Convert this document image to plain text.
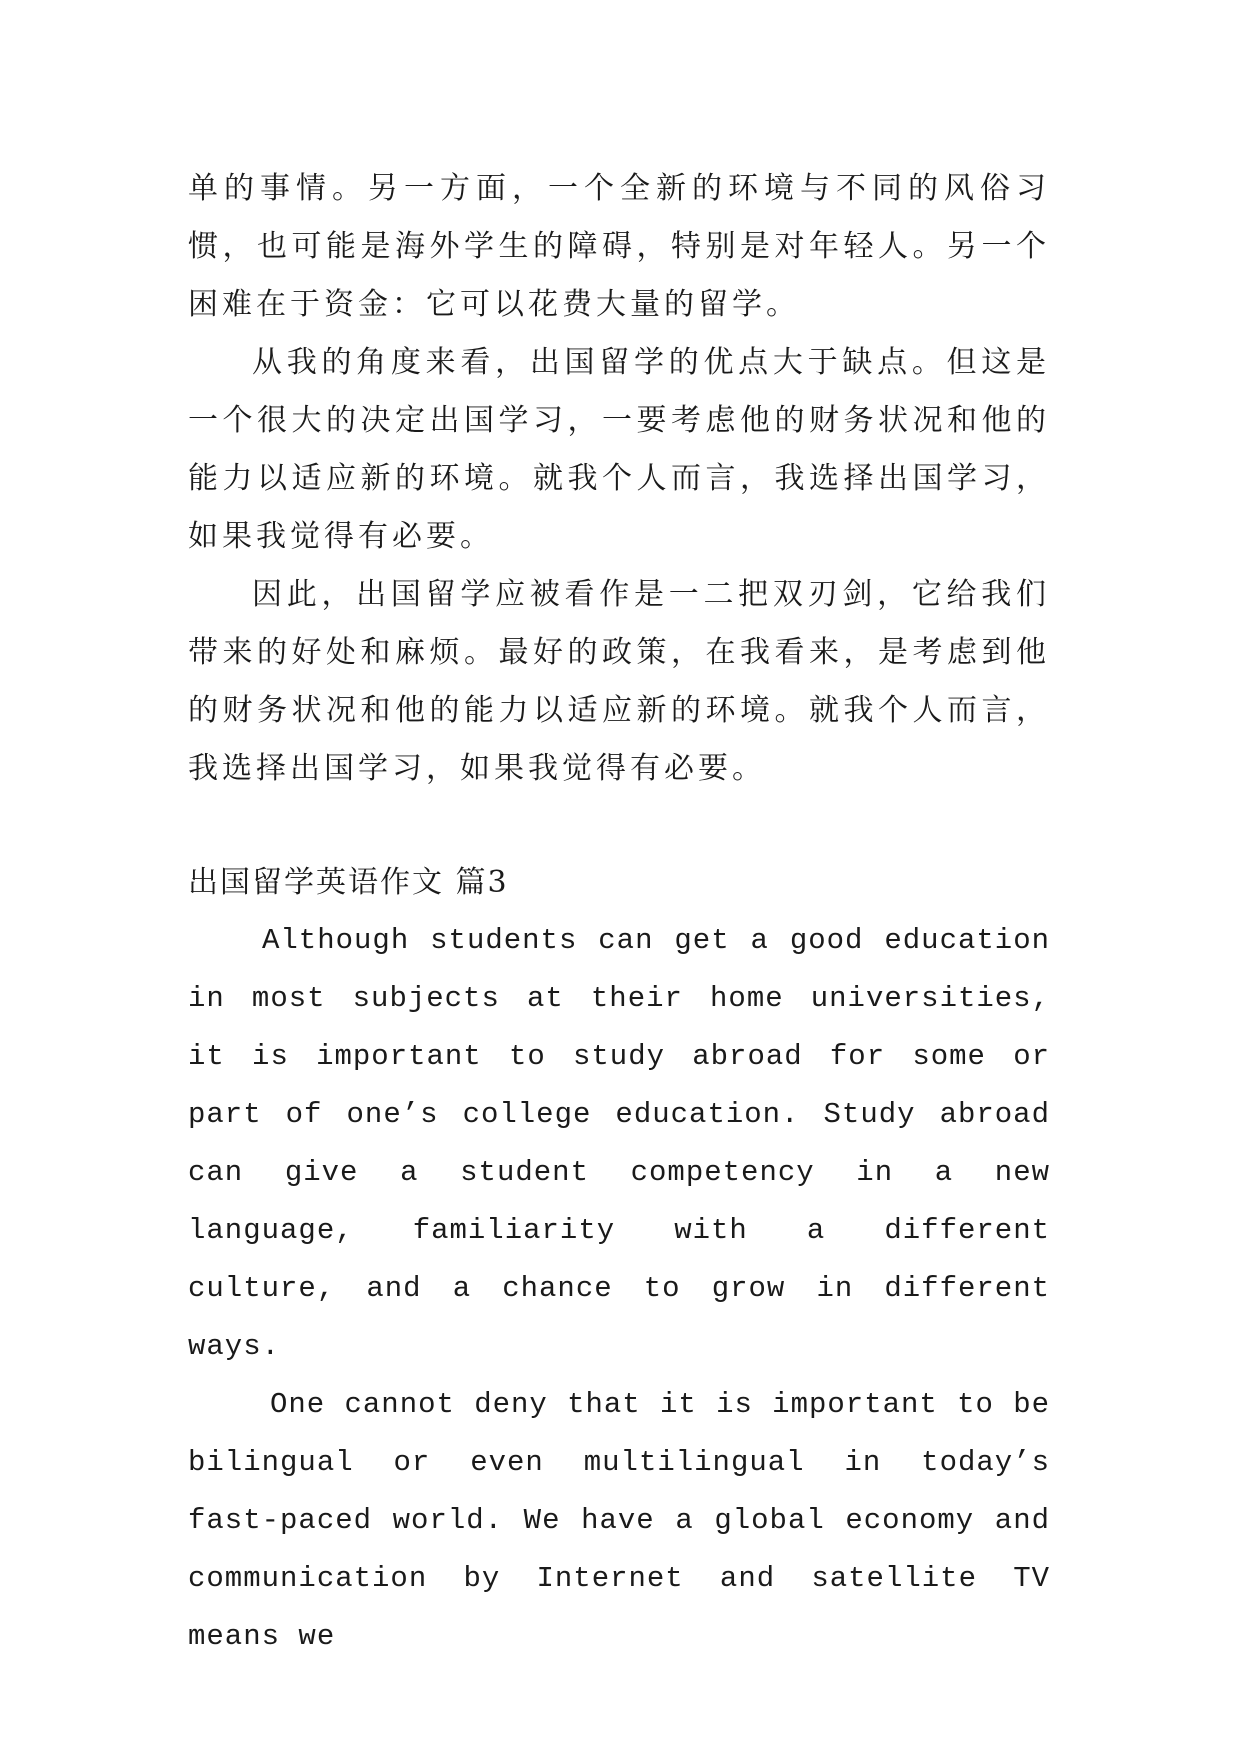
单的事情。另一方面，一个全新的环境与不同的风俗习惯，也可能是海外学生的障碍，特别是对年轻人。另一个困难在于资金：它可以花费大量的留学。

从我的角度来看，出国留学的优点大于缺点。但这是一个很大的决定出国学习，一要考虑他的财务状况和他的能力以适应新的环境。就我个人而言，我选择出国学习，如果我觉得有必要。

因此，出国留学应被看作是一二把双刃剑，它给我们带来的好处和麻烦。最好的政策，在我看来，是考虑到他的财务状况和他的能力以适应新的环境。就我个人而言，我选择出国学习，如果我觉得有必要。

出国留学英语作文 篇3

Although students can get a good education in most subjects at their home universities, it is important to study abroad for some or part of one’s college education. Study abroad can give a student competency in a new language, familiarity with a different culture, and a chance to grow in different ways.

One cannot deny that it is important to be bilingual or even multilingual in today’s fast-paced world. We have a global economy and communication by Internet and satellite TV means we
